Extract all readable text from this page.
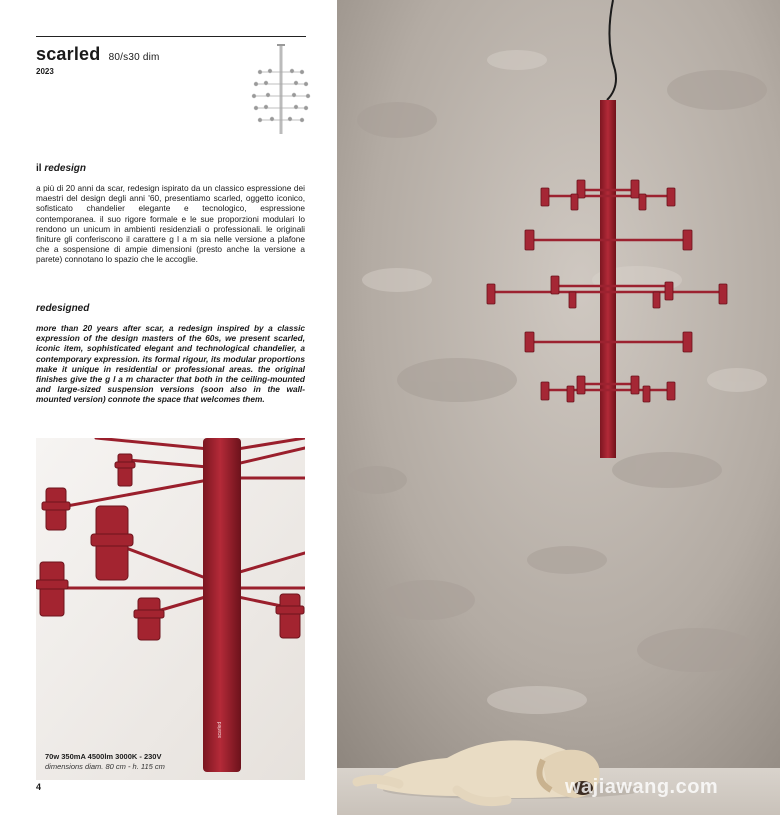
scarled 80/s30 dim
2023
il redesign
a più di 20 anni da scar, redesign ispirato da un classico espressione dei maestri del design degli anni '60, presentiamo scarled, oggetto iconico, sofisticato chandelier elegante e tecnologico, espressione contemporanea. il suo rigore formale e le sue proporzioni modulari lo rendono un unicum in ambienti residenziali o professionali. le originali finiture gli conferiscono il carattere g l a m sia nelle versione a plafone che a sospensione di ampie dimensioni (presto anche la versione a parete) connotano lo spazio che le accoglie.
redesigned
more than 20 years after scar, a redesign inspired by a classic expression of the design masters of the 60s, we present scarled, iconic item, sophisticated elegant and technological chandelier, a contemporary expression. its formal rigour, its modular proportions make it unique in residential or professional areas. the original finishes give the g l a m character that both in the ceiling-mounted and large-sized suspension versions (soon also in the wall-mounted version) connote the space that welcomes them.
scarled
70w 350mA 4500lm 3000K - 230V
dimensions diam. 80 cm - h. 115 cm
4	wajiawang.com
